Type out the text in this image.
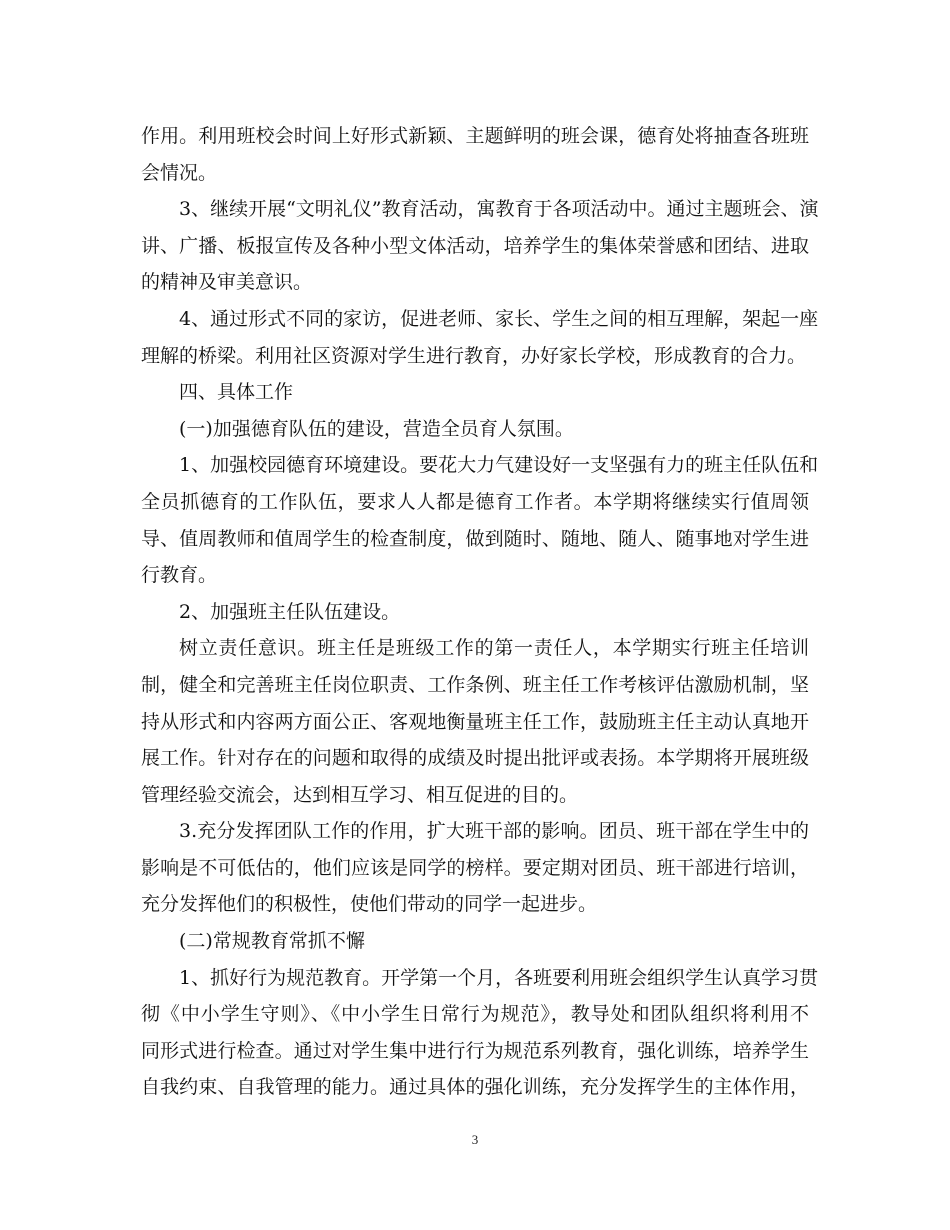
作用。利用班校会时间上好形式新颖、主题鲜明的班会课，德育处将抽查各班班
会情况。
3、继续开展“文明礼仪”教育活动，寓教育于各项活动中。通过主题班会、演
讲、广播、板报宣传及各种小型文体活动，培养学生的集体荣誉感和团结、进取
的精神及审美意识。
4、通过形式不同的家访，促进老师、家长、学生之间的相互理解，架起一座
理解的桥梁。利用社区资源对学生进行教育，办好家长学校，形成教育的合力。
四、具体工作
(一)加强德育队伍的建设，营造全员育人氛围。
1、加强校园德育环境建设。要花大力气建设好一支坚强有力的班主任队伍和
全员抓德育的工作队伍，要求人人都是德育工作者。本学期将继续实行值周领
导、值周教师和值周学生的检查制度，做到随时、随地、随人、随事地对学生进
行教育。
2、加强班主任队伍建设。
树立责任意识。班主任是班级工作的第一责任人，本学期实行班主任培训
制，健全和完善班主任岗位职责、工作条例、班主任工作考核评估激励机制，坚
持从形式和内容两方面公正、客观地衡量班主任工作，鼓励班主任主动认真地开
展工作。针对存在的问题和取得的成绩及时提出批评或表扬。本学期将开展班级
管理经验交流会，达到相互学习、相互促进的目的。
3.充分发挥团队工作的作用，扩大班干部的影响。团员、班干部在学生中的
影响是不可低估的，他们应该是同学的榜样。要定期对团员、班干部进行培训，
充分发挥他们的积极性，使他们带动的同学一起进步。
(二)常规教育常抓不懈
1、抓好行为规范教育。开学第一个月，各班要利用班会组织学生认真学习贯
彻《中小学生守则》、《中小学生日常行为规范》，教导处和团队组织将利用不
同形式进行检查。通过对学生集中进行行为规范系列教育，强化训练，培养学生
自我约束、自我管理的能力。通过具体的强化训练，充分发挥学生的主体作用，
3
